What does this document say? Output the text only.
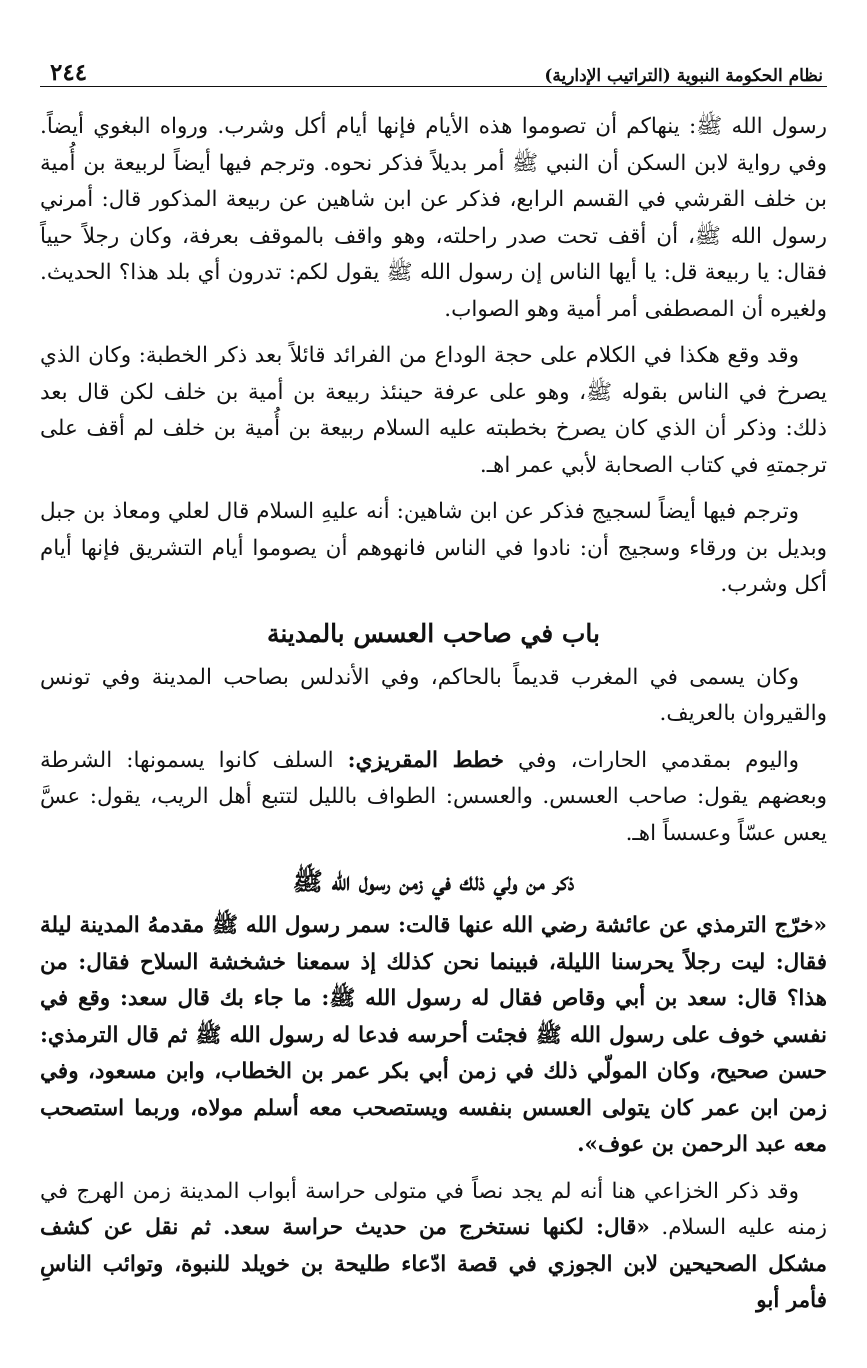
نظام الحكومة النبوية (التراتيب الإدارية)
٢٤٤

رسول الله ﷺ: ينهاكم أن تصوموا هذه الأيام فإنها أيام أكل وشرب. ورواه البغوي أيضاً. وفي رواية لابن السكن أن النبي ﷺ أمر بديلاً فذكر نحوه. وترجم فيها أيضاً لربيعة بن أُمية بن خلف القرشي في القسم الرابع، فذكر عن ابن شاهين عن ربيعة المذكور قال: أمرني رسول الله ﷺ، أن أقف تحت صدر راحلته، وهو واقف بالموقف بعرفة، وكان رجلاً حيياً فقال: يا ربيعة قل: يا أيها الناس إن رسول الله ﷺ يقول لكم: تدرون أي بلد هذا؟ الحديث. ولغيره أن المصطفى أمر أمية وهو الصواب.

وقد وقع هكذا في الكلام على حجة الوداع من الفرائد قائلاً بعد ذكر الخطبة: وكان الذي يصرخ في الناس بقوله ﷺ، وهو على عرفة حينئذ ربيعة بن أمية بن خلف لكن قال بعد ذلك: وذكر أن الذي كان يصرخ بخطبته عليه السلام ربيعة بن أُمية بن خلف لم أقف على ترجمتهِ في كتاب الصحابة لأبي عمر اهـ.

وترجم فيها أيضاً لسجيج فذكر عن ابن شاهين: أنه عليهِ السلام قال لعلي ومعاذ بن جبل وبديل بن ورقاء وسجيج أن: نادوا في الناس فانهوهم أن يصوموا أيام التشريق فإنها أيام أكل وشرب.

باب في صاحب العسس بالمدينة

وكان يسمى في المغرب قديماً بالحاكم، وفي الأندلس بصاحب المدينة وفي تونس والقيروان بالعريف.

واليوم بمقدمي الحارات، وفي خطط المقريزي: السلف كانوا يسمونها: الشرطة وبعضهم يقول: صاحب العسس. والعسس: الطواف بالليل لتتبع أهل الريب، يقول: عسَّ يعس عسّاً وعسساً اهـ.

ذكر من ولي ذلك في زمن رسول الله ﷺ

«خرّج الترمذي عن عائشة رضي الله عنها قالت: سمر رسول الله ﷺ مقدمهُ المدينة ليلة فقال: ليت رجلاً يحرسنا الليلة، فبينما نحن كذلك إذ سمعنا خشخشة السلاح فقال: من هذا؟ قال: سعد بن أبي وقاص فقال له رسول الله ﷺ: ما جاء بك قال سعد: وقع في نفسي خوف على رسول الله ﷺ فجئت أحرسه فدعا له رسول الله ﷺ ثم قال الترمذي: حسن صحيح، وكان المولّي ذلك في زمن أبي بكر عمر بن الخطاب، وابن مسعود، وفي زمن ابن عمر كان يتولى العسس بنفسه ويستصحب معه أسلم مولاه، وربما استصحب معه عبد الرحمن بن عوف».

وقد ذكر الخزاعي هنا أنه لم يجد نصاً في متولى حراسة أبواب المدينة زمن الهرج في زمنه عليه السلام. «قال: لكنها نستخرج من حديث حراسة سعد. ثم نقل عن كشف مشكل الصحيحين لابن الجوزي في قصة ادّعاء طليحة بن خويلد للنبوة، وتوائب الناسِ فأمر أبو
